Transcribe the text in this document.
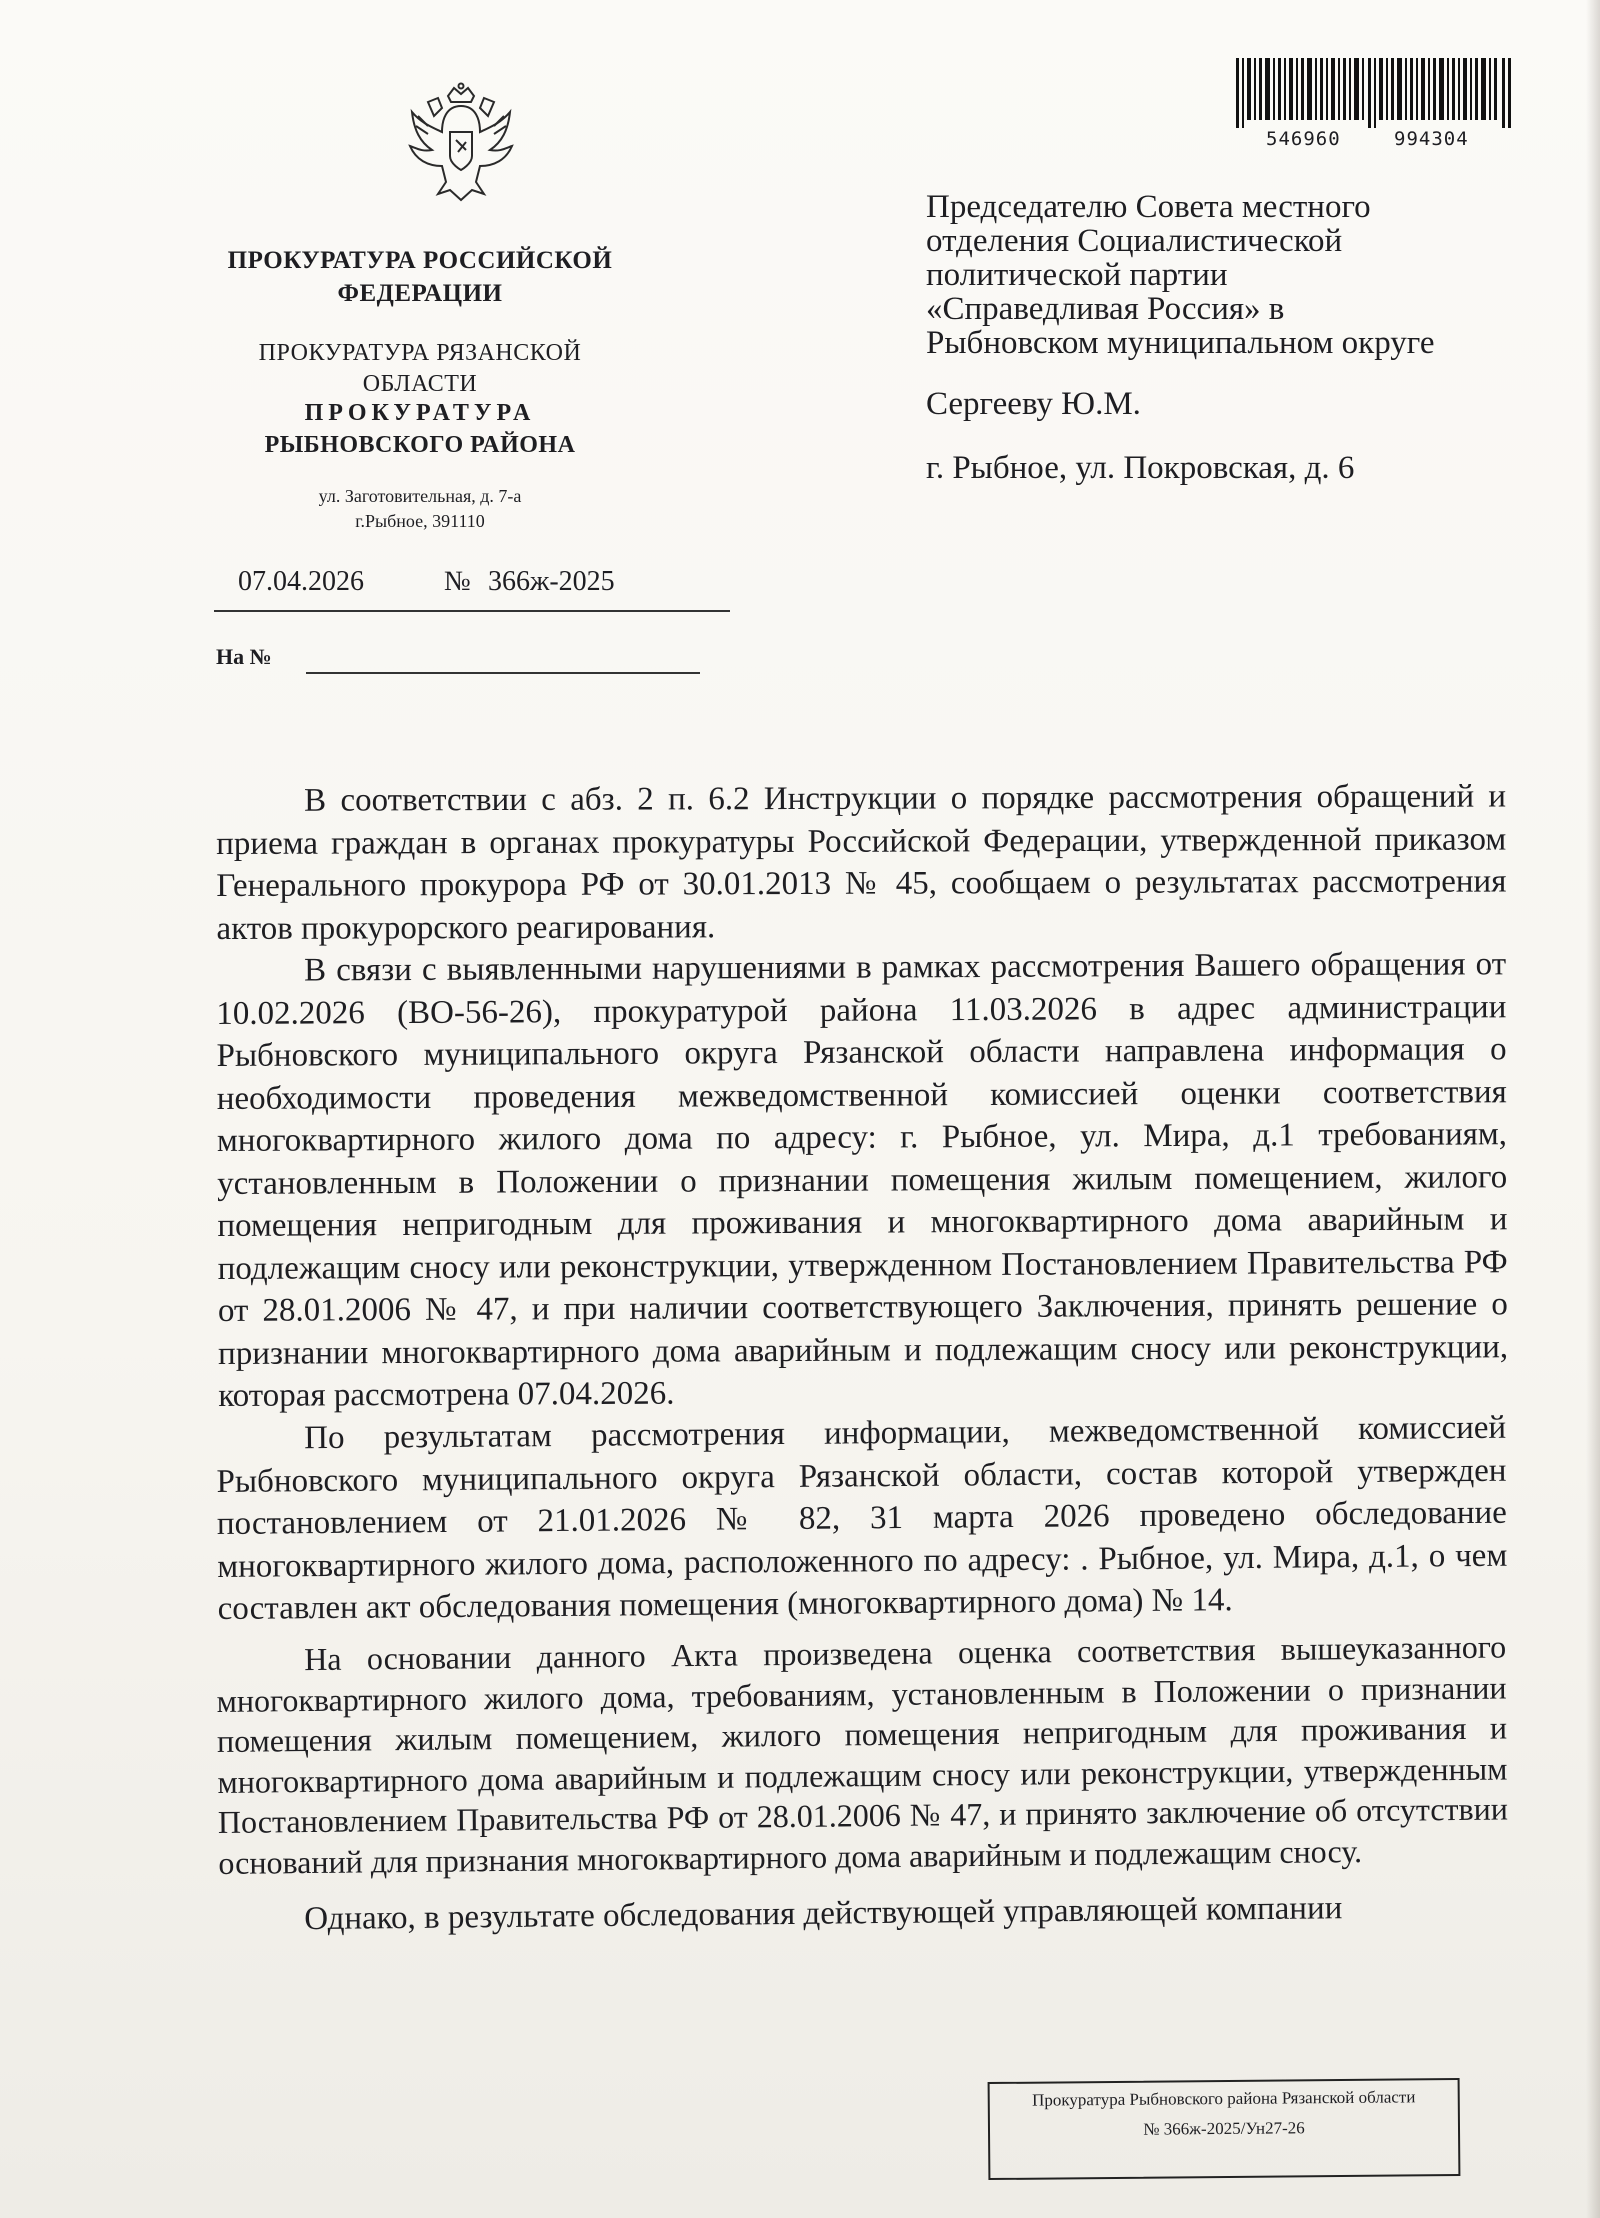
ПРОКУРАТУРА РОССИЙСКОЙ ФЕДЕРАЦИИ
ПРОКУРАТУРА РЯЗАНСКОЙ ОБЛАСТИ
ПРОКУРАТУРА
РЫБНОВСКОГО РАЙОНА
ул. Заготовительная, д. 7-а
г.Рыбное, 391110
07.04.2026	№ 366ж-2025
На №
546960	994304
Председателю Совета местного
отделения Социалистической
политической партии
«Справедливая Россия» в
Рыбновском муниципальном округе
Сергееву Ю.М.
г. Рыбное, ул. Покровская, д. 6

В соответствии с абз. 2 п. 6.2 Инструкции о порядке рассмотрения обращений и приема граждан в органах прокуратуры Российской Федерации, утвержденной приказом Генерального прокурора РФ от 30.01.2013 № 45, сообщаем о результатах рассмотрения актов прокурорского реагирования.

В связи с выявленными нарушениями в рамках рассмотрения Вашего обращения от 10.02.2026 (ВО-56-26), прокуратурой района 11.03.2026 в адрес администрации Рыбновского муниципального округа Рязанской области направлена информация о необходимости проведения межведомственной комиссией оценки соответствия многоквартирного жилого дома по адресу: г. Рыбное, ул. Мира, д.1 требованиям, установленным в Положении о признании помещения жилым помещением, жилого помещения непригодным для проживания и многоквартирного дома аварийным и подлежащим сносу или реконструкции, утвержденном Постановлением Правительства РФ от 28.01.2006 № 47, и при наличии соответствующего Заключения, принять решение о признании многоквартирного дома аварийным и подлежащим сносу или реконструкции, которая рассмотрена 07.04.2026.

По результатам рассмотрения информации, межведомственной комиссией Рыбновского муниципального округа Рязанской области, состав которой утвержден постановлением от 21.01.2026 № 82, 31 марта 2026 проведено обследование многоквартирного жилого дома, расположенного по адресу: . Рыбное, ул. Мира, д.1, о чем составлен акт обследования помещения (многоквартирного дома) № 14.

На основании данного Акта произведена оценка соответствия вышеуказанного многоквартирного жилого дома, требованиям, установленным в Положении о признании помещения жилым помещением, жилого помещения непригодным для проживания и многоквартирного дома аварийным и подлежащим сносу или реконструкции, утвержденным Постановлением Правительства РФ от 28.01.2006 № 47, и принято заключение об отсутствии оснований для признания многоквартирного дома аварийным и подлежащим сносу.

Однако, в результате обследования действующей управляющей компании

Прокуратура Рыбновского района Рязанской области
№ 366ж-2025/Ун27-26
